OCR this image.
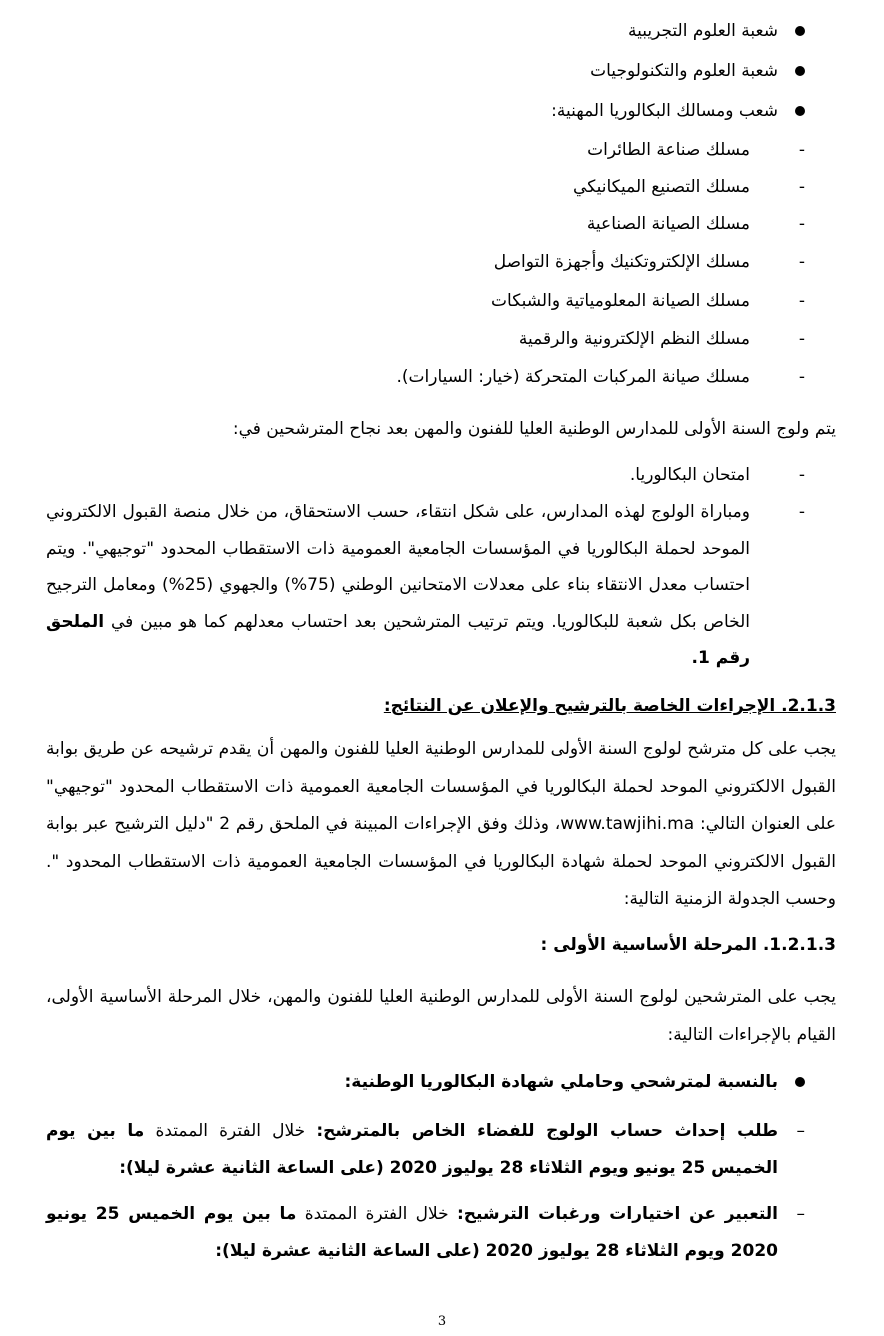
شعبة العلوم التجريبية
شعبة العلوم والتكنولوجيات
شعب ومسالك البكالوريا المهنية:
-
مسلك صناعة الطائرات
-
مسلك التصنيع الميكانيكي
-
مسلك الصيانة الصناعية
-
مسلك الإلكتروتكنيك وأجهزة التواصل
-
مسلك الصيانة المعلومياتية والشبكات
-
مسلك النظم الإلكترونية والرقمية
-
مسلك صيانة المركبات المتحركة (خيار: السيارات).
يتم ولوج السنة الأولى للمدارس الوطنية العليا للفنون والمهن بعد نجاح المترشحين في:
-
امتحان البكالوريا.
-
ومباراة الولوج لهذه المدارس، على شكل انتقاء، حسب الاستحقاق، من خلال منصة القبول الالكتروني الموحد لحملة البكالوريا في المؤسسات الجامعية العمومية ذات الاستقطاب المحدود "توجيهي". ويتم احتساب معدل الانتقاء بناء على معدلات الامتحانين الوطني (75%) والجهوي (25%) ومعامل الترجيح الخاص بكل شعبة للبكالوريا. ويتم ترتيب المترشحين بعد احتساب معدلهم كما هو مبين في الملحق رقم 1.
2.1.3. الإجراءات الخاصة بالترشيح والإعلان عن النتائج:
يجب على كل مترشح لولوج السنة الأولى للمدارس الوطنية العليا للفنون والمهن أن يقدم ترشيحه عن طريق بوابة القبول الالكتروني الموحد لحملة البكالوريا في المؤسسات الجامعية العمومية ذات الاستقطاب المحدود "توجيهي" على العنوان التالي: www.tawjihi.ma، وذلك وفق الإجراءات المبينة في الملحق رقم 2 "دليل الترشيح عبر بوابة القبول الالكتروني الموحد لحملة شهادة البكالوريا في المؤسسات الجامعية العمومية ذات الاستقطاب المحدود ". وحسب الجدولة الزمنية التالية:
1.2.1.3. المرحلة الأساسية الأولى :
يجب على المترشحين لولوج السنة الأولى للمدارس الوطنية العليا للفنون والمهن، خلال المرحلة الأساسية الأولى، القيام بالإجراءات التالية:
بالنسبة لمترشحي وحاملي شهادة البكالوريا الوطنية:
–
طلب إحداث حساب الولوج للفضاء الخاص بالمترشح: خلال الفترة الممتدة ما بين يوم الخميس 25 يونيو ويوم الثلاثاء 28 يوليوز 2020 (على الساعة الثانية عشرة ليلا):
–
التعبير عن اختيارات ورغبات الترشيح: خلال الفترة الممتدة ما بين يوم الخميس 25 يونيو 2020 ويوم الثلاثاء 28 يوليوز 2020 (على الساعة الثانية عشرة ليلا):
3
